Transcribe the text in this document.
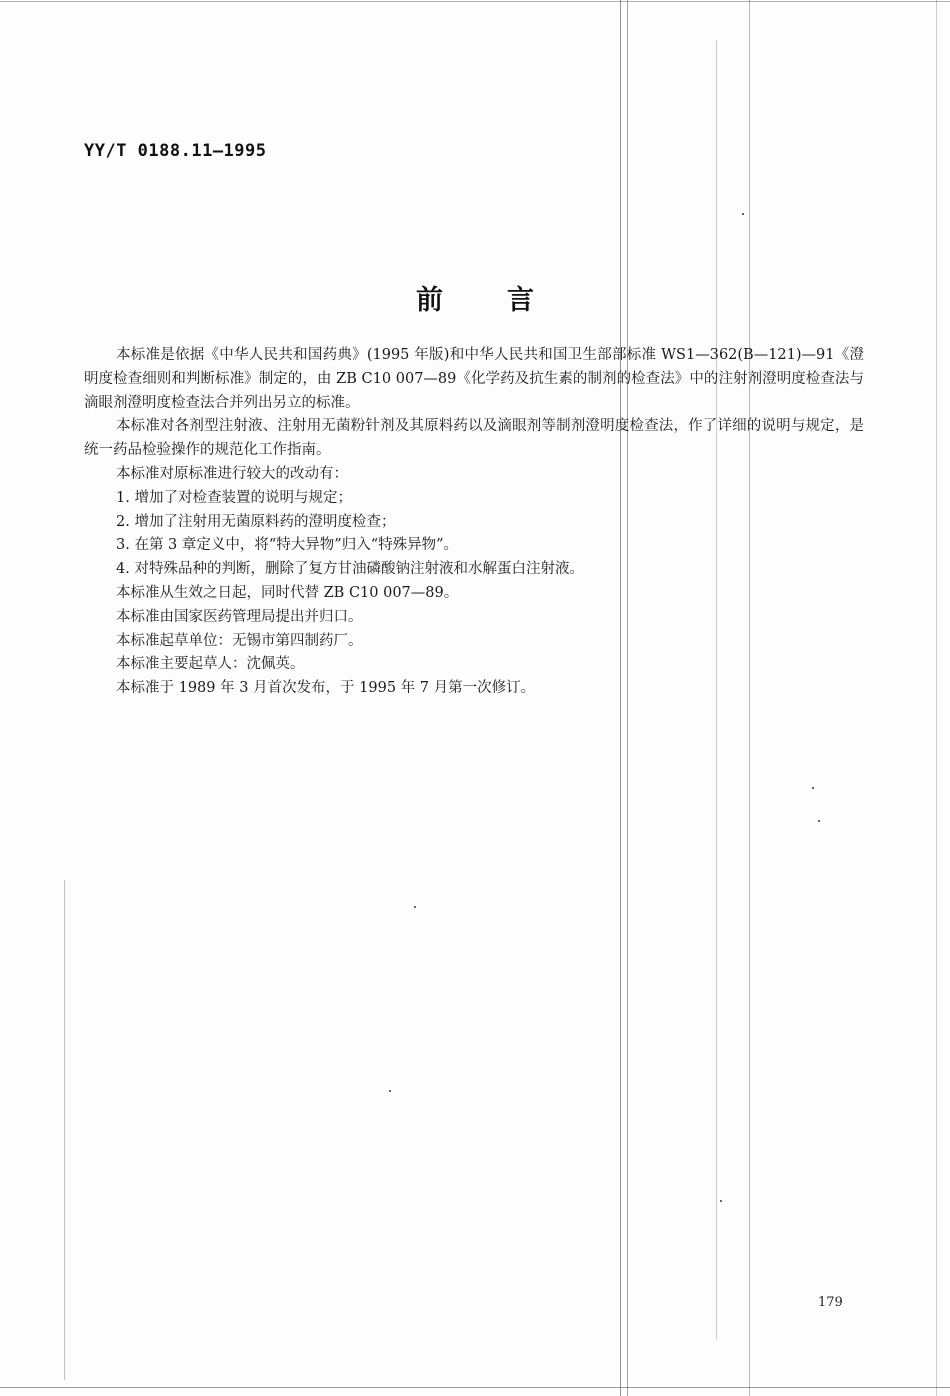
YY/T 0188.11—1995
前言

本标准是依据《中华人民共和国药典》(1995 年版)和中华人民共和国卫生部部标准 WS1—362(B—121)—91《澄明度检查细则和判断标准》制定的，由 ZB C10 007—89《化学药及抗生素的制剂的检查法》中的注射剂澄明度检查法与滴眼剂澄明度检查法合并列出另立的标准。

本标准对各剂型注射液、注射用无菌粉针剂及其原料药以及滴眼剂等制剂澄明度检查法，作了详细的说明与规定，是统一药品检验操作的规范化工作指南。

本标准对原标准进行较大的改动有：

1. 增加了对检查装置的说明与规定；

2. 增加了注射用无菌原料药的澄明度检查；

3. 在第 3 章定义中，将“特大异物”归入“特殊异物”。

4. 对特殊品种的判断，删除了复方甘油磷酸钠注射液和水解蛋白注射液。

本标准从生效之日起，同时代替 ZB C10 007—89。

本标准由国家医药管理局提出并归口。

本标准起草单位：无锡市第四制药厂。

本标准主要起草人：沈佩英。

本标准于 1989 年 3 月首次发布，于 1995 年 7 月第一次修订。

179
